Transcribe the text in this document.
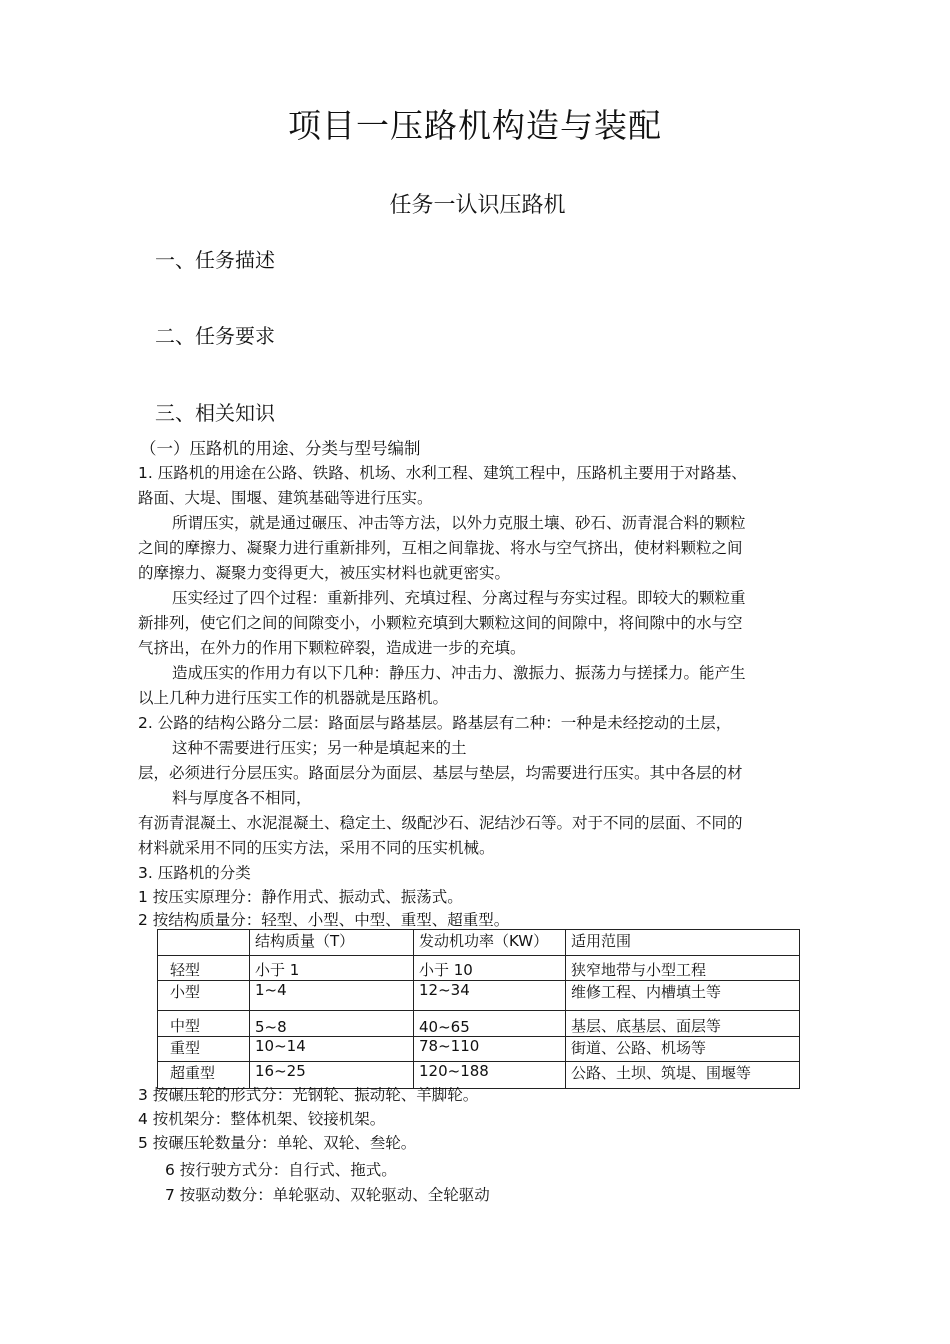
项目一压路机构造与装配
任务一认识压路机
一、任务描述
二、任务要求
三、相关知识
（一）压路机的用途、分类与型号编制
1. 压路机的用途在公路、铁路、机场、水利工程、建筑工程中，压路机主要用于对路基、
路面、大堤、围堰、建筑基础等进行压实。
所谓压实，就是通过碾压、冲击等方法，以外力克服土壤、砂石、沥青混合料的颗粒
之间的摩擦力、凝聚力进行重新排列，互相之间靠拢、将水与空气挤出，使材料颗粒之间
的摩擦力、凝聚力变得更大，被压实材料也就更密实。
压实经过了四个过程：重新排列、充填过程、分离过程与夯实过程。即较大的颗粒重
新排列，使它们之间的间隙变小，小颗粒充填到大颗粒这间的间隙中，将间隙中的水与空
气挤出，在外力的作用下颗粒碎裂，造成进一步的充填。
造成压实的作用力有以下几种：静压力、冲击力、激振力、振荡力与搓揉力。能产生
以上几种力进行压实工作的机器就是压路机。
2. 公路的结构公路分二层：路面层与路基层。路基层有二种：一种是未经挖动的土层，
这种不需要进行压实；另一种是填起来的土
层，必须进行分层压实。路面层分为面层、基层与垫层，均需要进行压实。其中各层的材
料与厚度各不相同，
有沥青混凝土、水泥混凝土、稳定土、级配沙石、泥结沙石等。对于不同的层面、不同的
材料就采用不同的压实方法，采用不同的压实机械。
3. 压路机的分类
1 按压实原理分：静作用式、振动式、振荡式。
2 按结构质量分：轻型、小型、中型、重型、超重型。
	结构质量（T）	发动机功率（KW）	适用范围
轻型	小于 1	小于 10	狭窄地带与小型工程
小型	1~4	12~34	维修工程、内槽填土等
中型	5~8	40~65	基层、底基层、面层等
重型	10~14	78~110	街道、公路、机场等
超重型	16~25	120~188	公路、土坝、筑堤、围堰等
3 按碾压轮的形式分：光钢轮、振动轮、羊脚轮。
4 按机架分：整体机架、铰接机架。
5 按碾压轮数量分：单轮、双轮、叁轮。
6 按行驶方式分：自行式、拖式。
7 按驱动数分：单轮驱动、双轮驱动、全轮驱动
